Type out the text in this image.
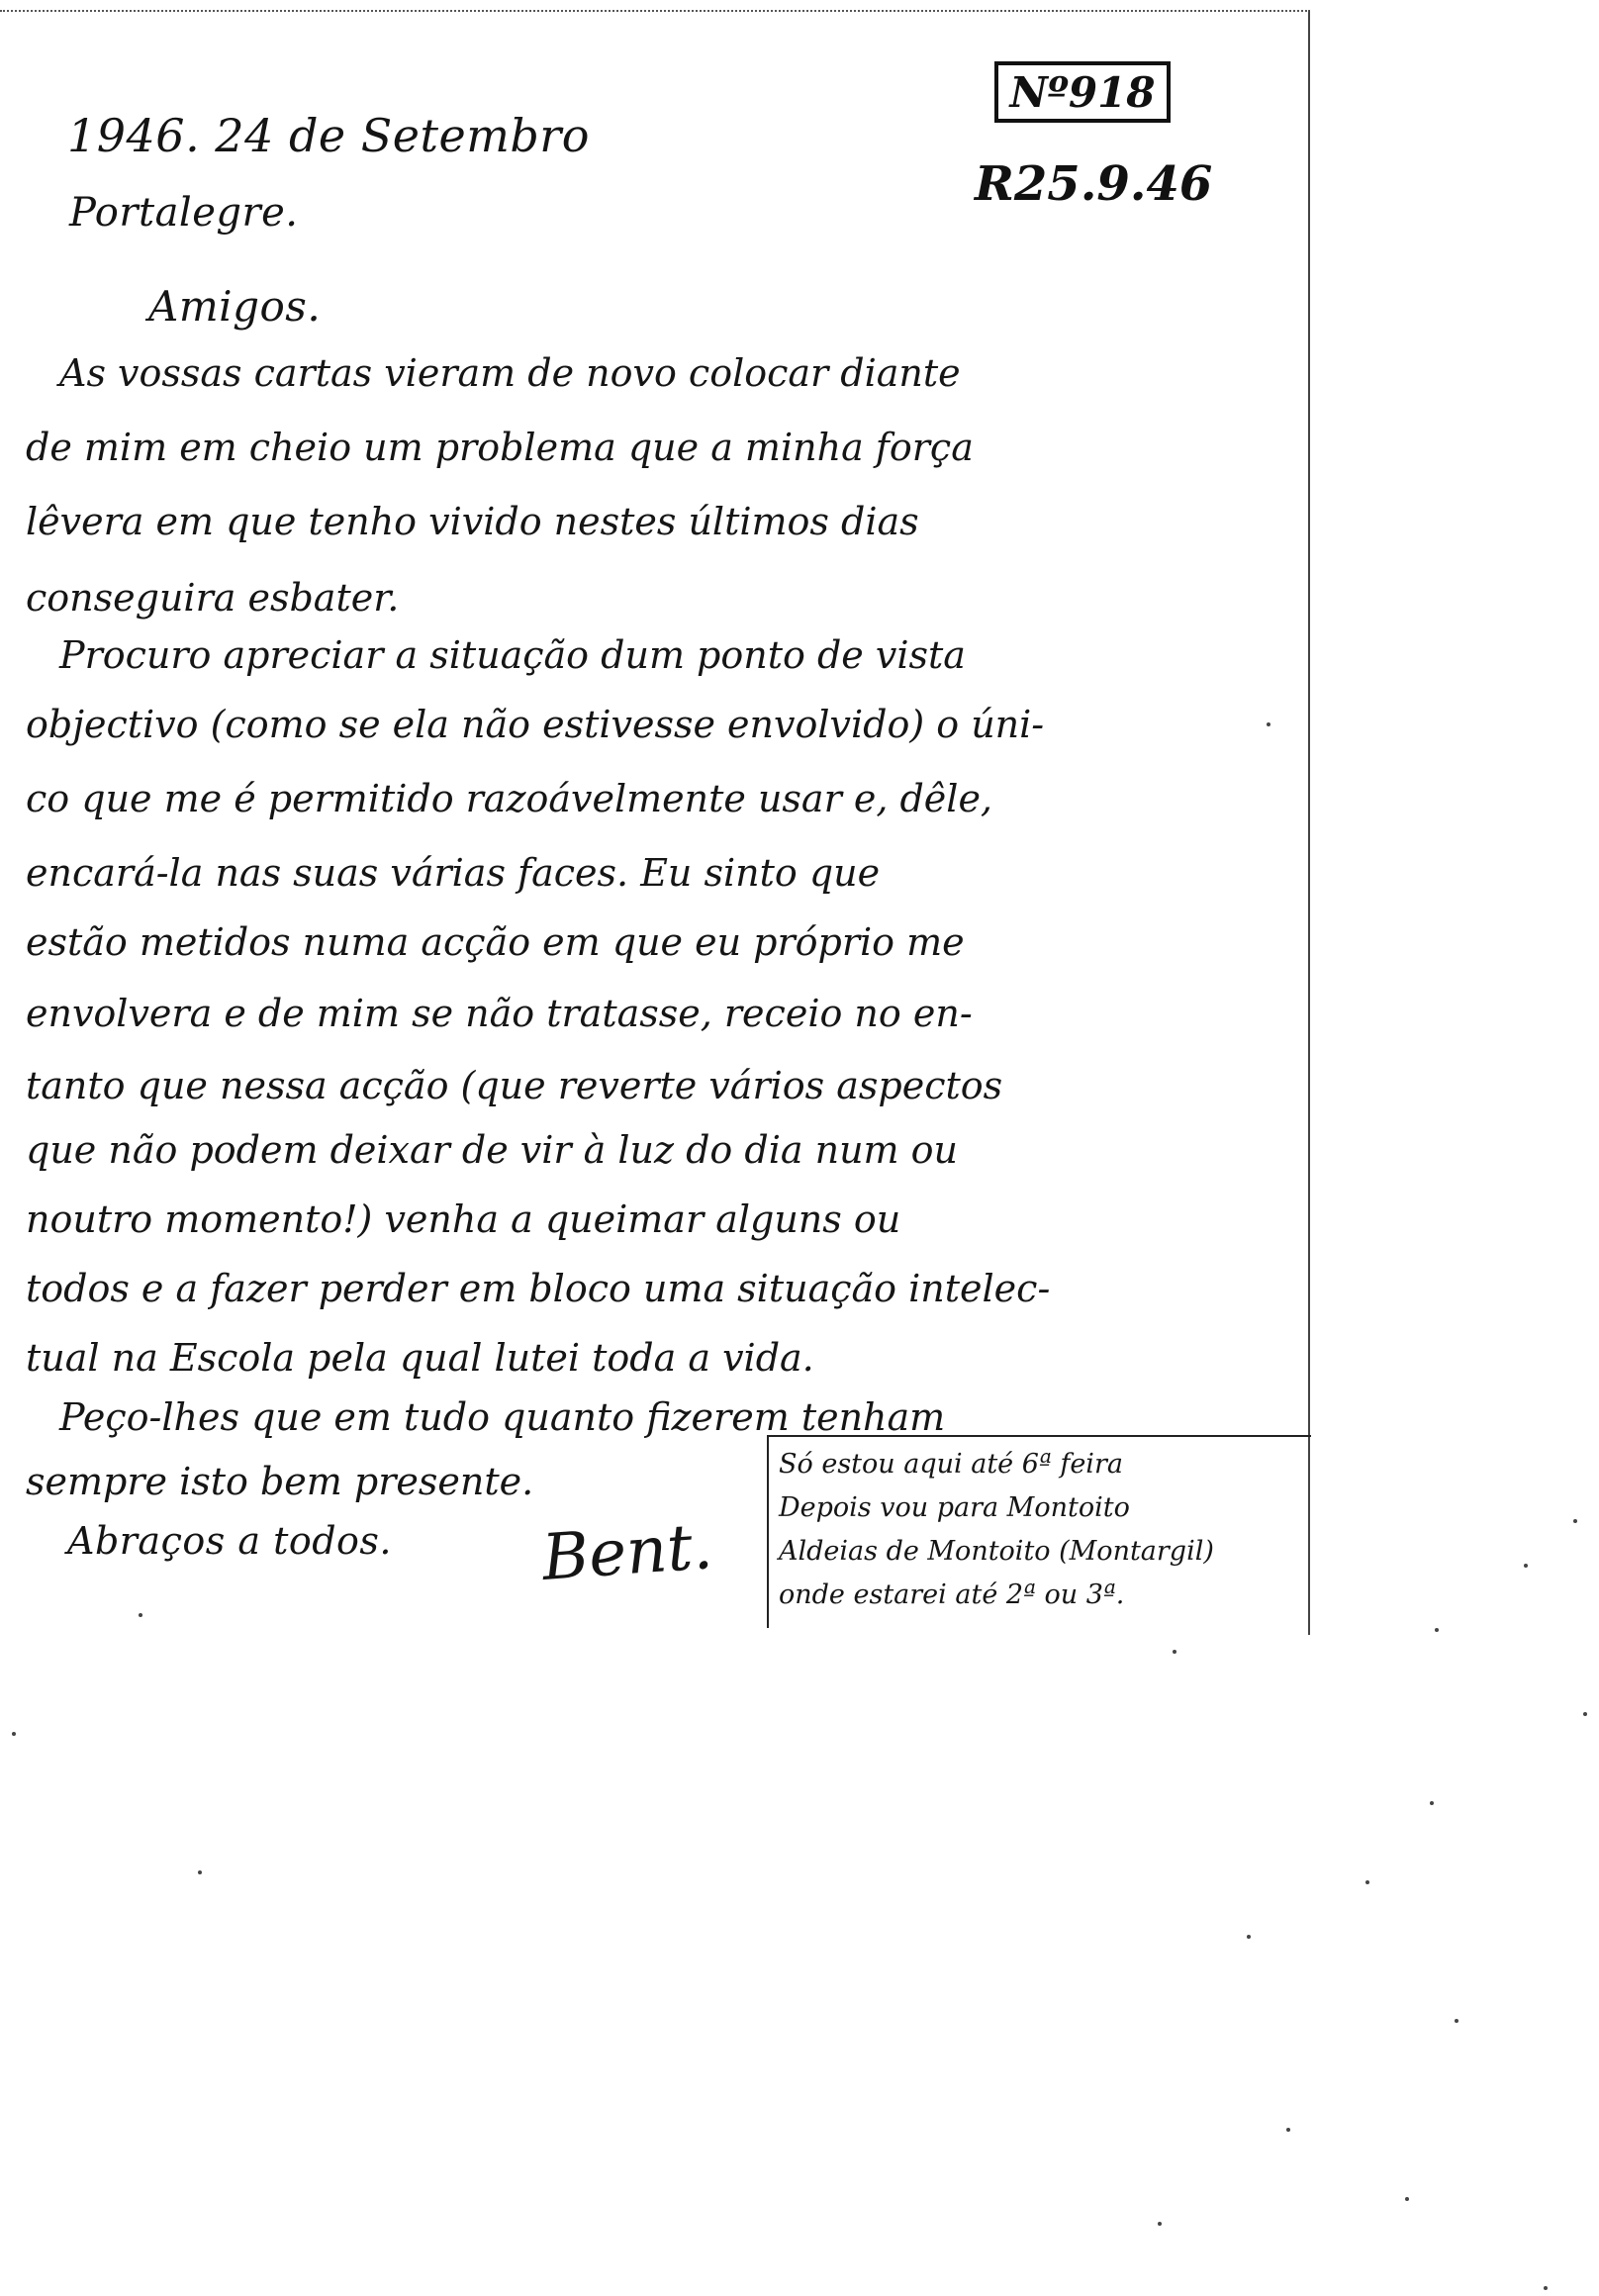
Nº918
R25.9.46
1946. 24 de Setembro
Portalegre.
Amigos.
As vossas cartas vieram de novo colocar diante
de mim em cheio um problema que a minha força
lêvera em que tenho vivido nestes últimos dias
conseguira esbater.
Procuro apreciar a situação dum ponto de vista
objectivo (como se ela não estivesse envolvido) o úni-
co que me é permitido razoávelmente usar e, dêle,
encará-la nas suas várias faces. Eu sinto que
estão metidos numa acção em que eu próprio me
envolvera e de mim se não tratasse, receio no en-
tanto que nessa acção (que reverte vários aspectos
que não podem deixar de vir à luz do dia num ou
noutro momento!) venha a queimar alguns ou
todos e a fazer perder em bloco uma situação intelec-
tual na Escola pela qual lutei toda a vida.
Peço-lhes que em tudo quanto fizerem tenham
sempre isto bem presente.
Abraços a todos. Bent.
Só estou aqui até 6ª feira
Depois vou para Montoito
Aldeias de Montoito (Montargil)
onde estarei até 2ª ou 3ª.
